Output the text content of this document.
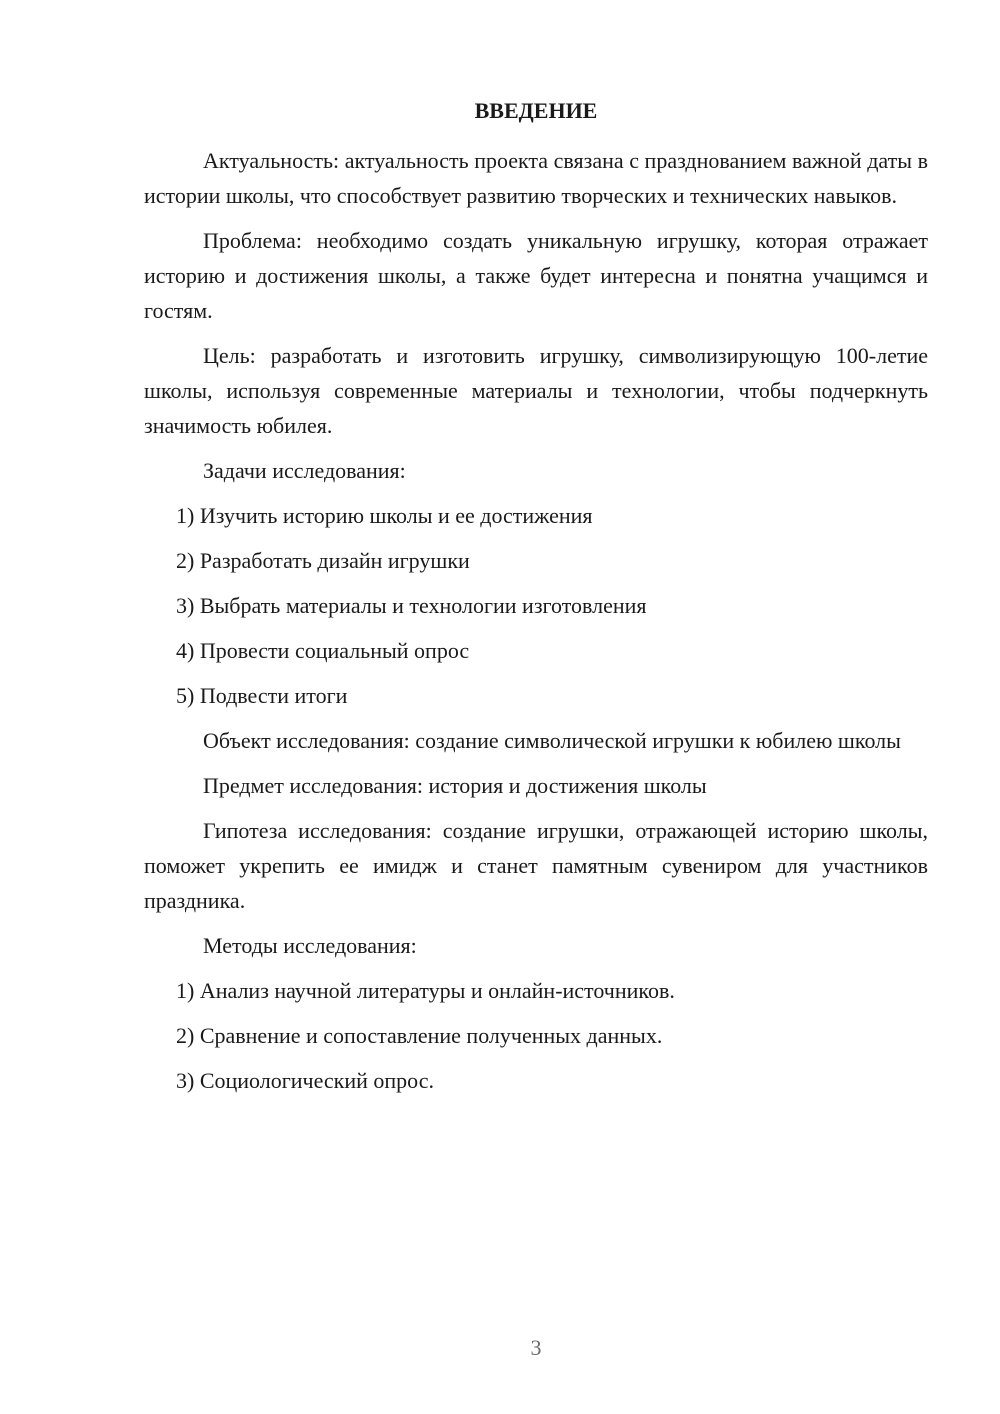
ВВЕДЕНИЕ

Актуальность: актуальность проекта связана с празднованием важной даты в истории школы, что способствует развитию творческих и технических навыков.

Проблема: необходимо создать уникальную игрушку, которая отражает историю и достижения школы, а также будет интересна и понятна учащимся и гостям.

Цель: разработать и изготовить игрушку, символизирующую 100-летие школы, используя современные материалы и технологии, чтобы подчеркнуть значимость юбилея.

Задачи исследования:

1) Изучить историю школы и ее достижения
2) Разработать дизайн игрушки
3) Выбрать материалы и технологии изготовления
4) Провести социальный опрос
5) Подвести итоги

Объект исследования: создание символической игрушки к юбилею школы

Предмет исследования: история и достижения школы

Гипотеза исследования: создание игрушки, отражающей историю школы, поможет укрепить ее имидж и станет памятным сувениром для участников праздника.

Методы исследования:

1) Анализ научной литературы и онлайн-источников.
2) Сравнение и сопоставление полученных данных.
3) Социологический опрос.
3
